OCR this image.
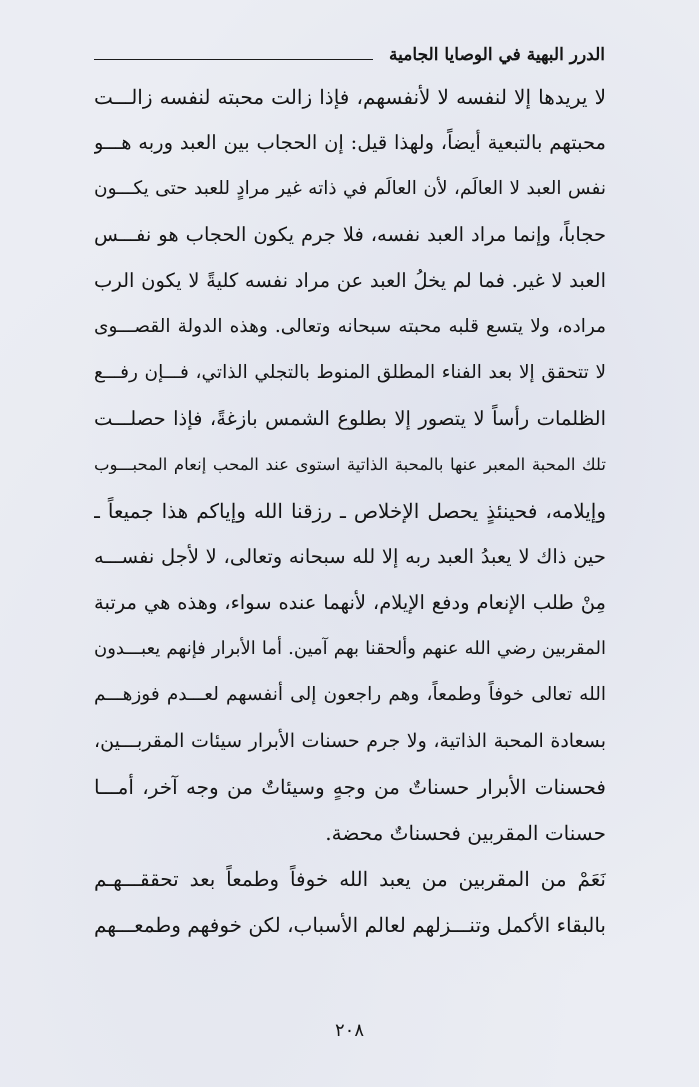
الدرر البهية في الوصايا الجامية
لا يريدها إلا لنفسه لا لأنفسهم، فإذا زالت محبته لنفسه زالـــت
محبتهم بالتبعية أيضاً، ولهذا قيل: إن الحجاب بين العبد وربه هـــو
نفس العبد لا العالَم، لأن العالَم في ذاته غير مرادٍ للعبد حتى يكـــون
حجاباً، وإنما مراد العبد نفسه، فلا جرم يكون الحجاب هو نفـــس
العبد لا غير. فما لم يخلُ العبد عن مراد نفسه كليةً لا يكون الرب
مراده، ولا يتسع قلبه محبته سبحانه وتعالى. وهذه الدولة القصـــوى
لا تتحقق إلا بعد الفناء المطلق المنوط بالتجلي الذاتي، فـــإن رفـــع
الظلمات رأساً لا يتصور إلا بطلوع الشمس بازغةً، فإذا حصلـــت
تلك المحبة المعبر عنها بالمحبة الذاتية استوى عند المحب إنعام المحبـــوب
وإيلامه، فحينئذٍ يحصل الإخلاص ـ رزقنا الله وإياكم هذا جميعاً ـ
حين ذاك لا يعبدُ العبد ربه إلا لله سبحانه وتعالى، لا لأجل نفســـه
مِنْ طلب الإنعام ودفع الإيلام، لأنهما عنده سواء، وهذه هي مرتبة
المقربين رضي الله عنهم وألحقنا بهم آمين. أما الأبرار فإنهم يعبـــدون
الله تعالى خوفاً وطمعاً، وهم راجعون إلى أنفسهم لعـــدم فوزهـــم
بسعادة المحبة الذاتية، ولا جرم حسنات الأبرار سيئات المقربـــين،
فحسنات الأبرار حسناتٌ من وجهٍ وسيئاتٌ من وجه آخر، أمـــا
حسنات المقربين فحسناتٌ محضة.
نَعَمْ من المقربين من يعبد الله خوفاً وطمعاً بعد تحققـــهـم
بالبقاء الأكمل وتنـــزلهم لعالم الأسباب، لكن خوفهم وطمعـــهم
٢٠٨
